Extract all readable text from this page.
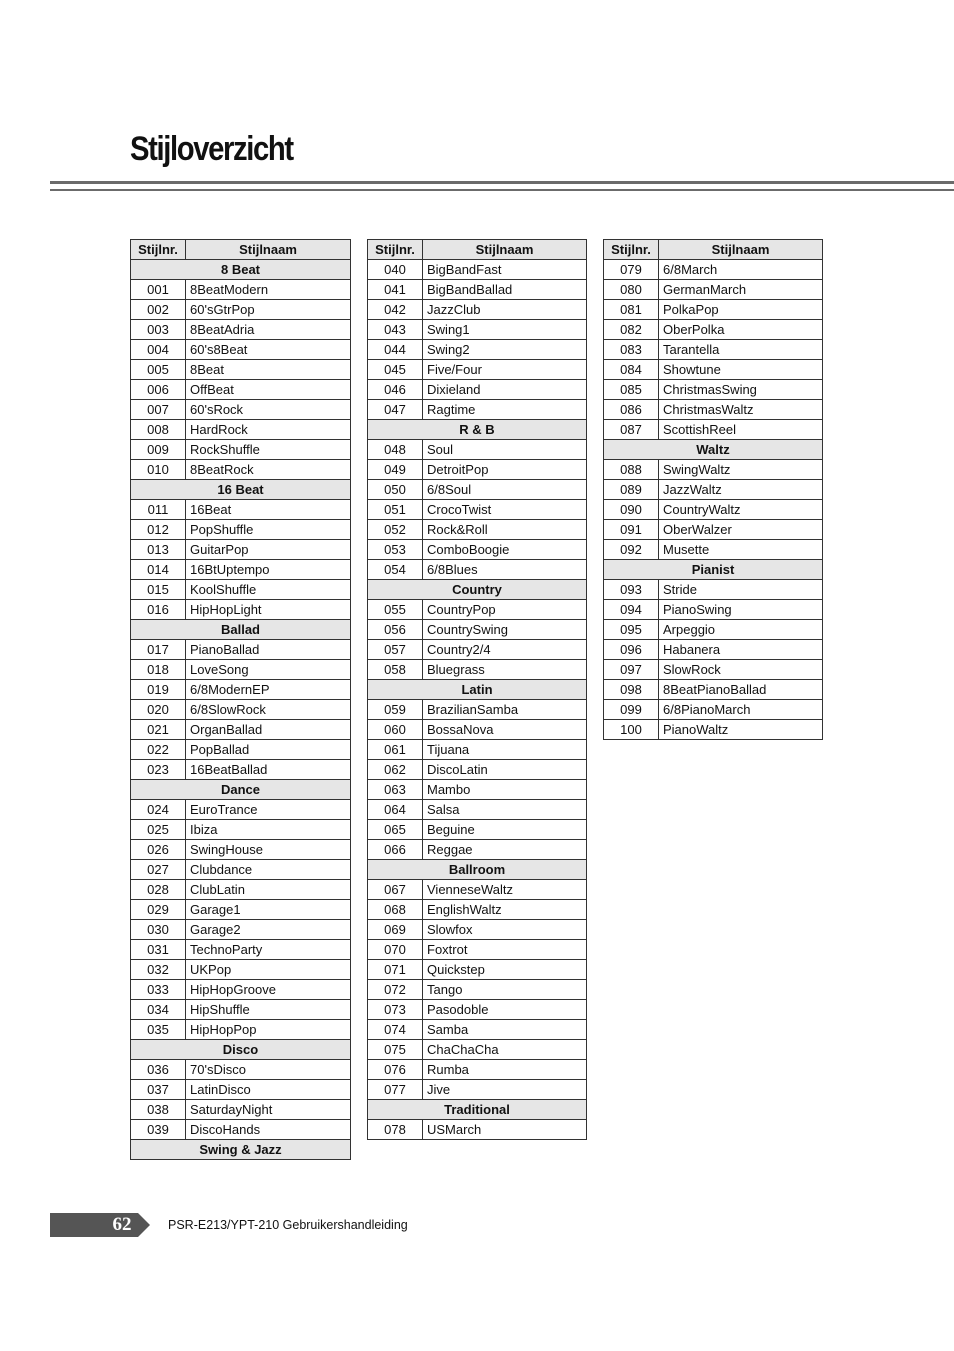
Stijloverzicht
Stijlnr.	Stijlnaam
8 Beat	
001	8BeatModern
002	60'sGtrPop
003	8BeatAdria
004	60's8Beat
005	8Beat
006	OffBeat
007	60'sRock
008	HardRock
009	RockShuffle
010	8BeatRock
16 Beat	
011	16Beat
012	PopShuffle
013	GuitarPop
014	16BtUptempo
015	KoolShuffle
016	HipHopLight
Ballad	
017	PianoBallad
018	LoveSong
019	6/8ModernEP
020	6/8SlowRock
021	OrganBallad
022	PopBallad
023	16BeatBallad
Dance	
024	EuroTrance
025	Ibiza
026	SwingHouse
027	Clubdance
028	ClubLatin
029	Garage1
030	Garage2
031	TechnoParty
032	UKPop
033	HipHopGroove
034	HipShuffle
035	HipHopPop
Disco	
036	70'sDisco
037	LatinDisco
038	SaturdayNight
039	DiscoHands
Swing & Jazz	
Stijlnr.	Stijlnaam
040	BigBandFast
041	BigBandBallad
042	JazzClub
043	Swing1
044	Swing2
045	Five/Four
046	Dixieland
047	Ragtime
R & B	
048	Soul
049	DetroitPop
050	6/8Soul
051	CrocoTwist
052	Rock&Roll
053	ComboBoogie
054	6/8Blues
Country	
055	CountryPop
056	CountrySwing
057	Country2/4
058	Bluegrass
Latin	
059	BrazilianSamba
060	BossaNova
061	Tijuana
062	DiscoLatin
063	Mambo
064	Salsa
065	Beguine
066	Reggae
Ballroom	
067	VienneseWaltz
068	EnglishWaltz
069	Slowfox
070	Foxtrot
071	Quickstep
072	Tango
073	Pasodoble
074	Samba
075	ChaChaCha
076	Rumba
077	Jive
Traditional	
078	USMarch
Stijlnr.	Stijlnaam
079	6/8March
080	GermanMarch
081	PolkaPop
082	OberPolka
083	Tarantella
084	Showtune
085	ChristmasSwing
086	ChristmasWaltz
087	ScottishReel
Waltz	
088	SwingWaltz
089	JazzWaltz
090	CountryWaltz
091	OberWalzer
092	Musette
Pianist	
093	Stride
094	PianoSwing
095	Arpeggio
096	Habanera
097	SlowRock
098	8BeatPianoBallad
099	6/8PianoMarch
100	PianoWaltz
62	PSR-E213/YPT-210 Gebruikershandleiding
